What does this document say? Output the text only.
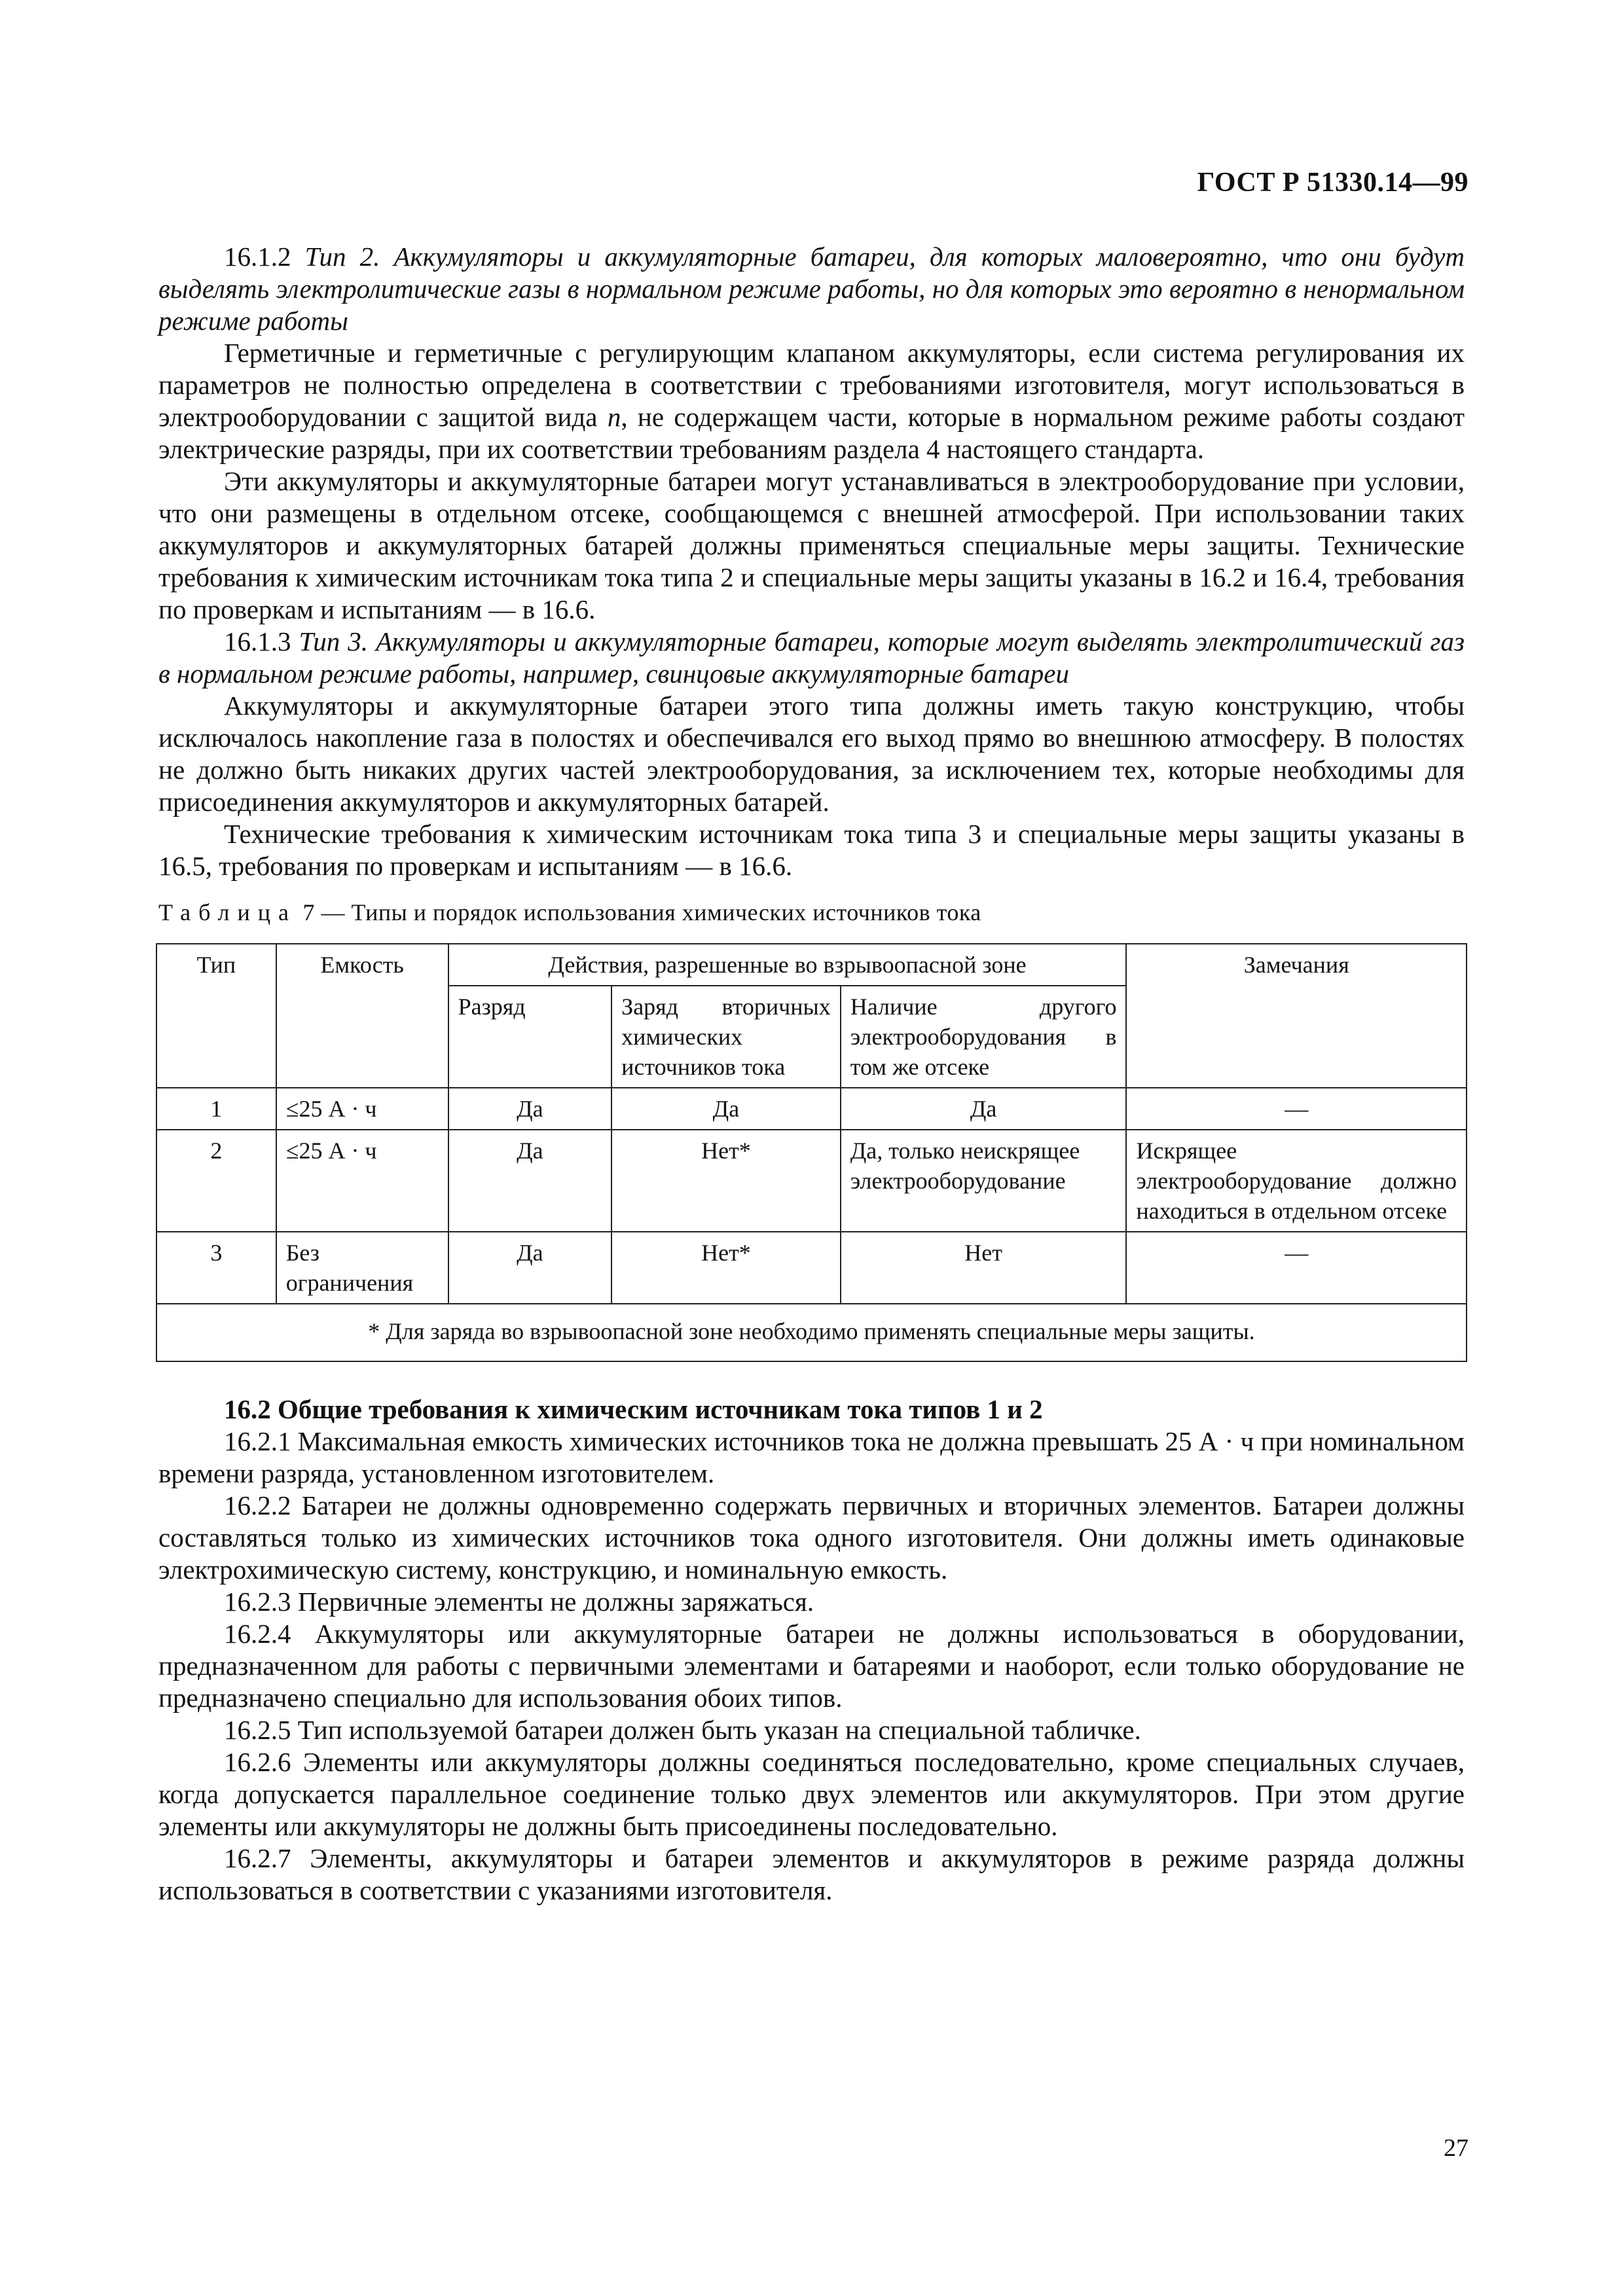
ГОСТ Р 51330.14—99

16.1.2 Тип 2. Аккумуляторы и аккумуляторные батареи, для которых маловероятно, что они будут выделять электролитические газы в нормальном режиме работы, но для которых это вероятно в ненормальном режиме работы

Герметичные и герметичные с регулирующим клапаном аккумуляторы, если система регулирования их параметров не полностью определена в соответствии с требованиями изготовителя, могут использоваться в электрооборудовании с защитой вида n, не содержащем части, которые в нормальном режиме работы создают электрические разряды, при их соответствии требованиям раздела 4 настоящего стандарта.

Эти аккумуляторы и аккумуляторные батареи могут устанавливаться в электрооборудование при условии, что они размещены в отдельном отсеке, сообщающемся с внешней атмосферой. При использовании таких аккумуляторов и аккумуляторных батарей должны применяться специальные меры защиты. Технические требования к химическим источникам тока типа 2 и специальные меры защиты указаны в 16.2 и 16.4, требования по проверкам и испытаниям — в 16.6.

16.1.3 Тип 3. Аккумуляторы и аккумуляторные батареи, которые могут выделять электролитический газ в нормальном режиме работы, например, свинцовые аккумуляторные батареи

Аккумуляторы и аккумуляторные батареи этого типа должны иметь такую конструкцию, чтобы исключалось накопление газа в полостях и обеспечивался его выход прямо во внешнюю атмосферу. В полостях не должно быть никаких других частей электрооборудования, за исключением тех, которые необходимы для присоединения аккумуляторов и аккумуляторных батарей.

Технические требования к химическим источникам тока типа 3 и специальные меры защиты указаны в 16.5, требования по проверкам и испытаниям — в 16.6.

Таблица 7 — Типы и порядок использования химических источников тока
Тип	Емкость	Действия, разрешенные во взрывоопасной зоне			Замечания
		Разряд	Заряд вторичных химических источников тока	Наличие другого электрооборудования в том же отсеке	
1	≤25 А · ч	Да	Да	Да	—
2	≤25 А · ч	Да	Нет*	Да, только неискрящее электрооборудование	Искрящее электрооборудование должно находиться в отдельном отсеке
3	Без ограничения	Да	Нет*	Нет	—
* Для заряда во взрывоопасной зоне необходимо применять специальные меры защиты.					

16.2 Общие требования к химическим источникам тока типов 1 и 2

16.2.1 Максимальная емкость химических источников тока не должна превышать 25 А · ч при номинальном времени разряда, установленном изготовителем.

16.2.2 Батареи не должны одновременно содержать первичных и вторичных элементов. Батареи должны составляться только из химических источников тока одного изготовителя. Они должны иметь одинаковые электрохимическую систему, конструкцию, и номинальную емкость.

16.2.3 Первичные элементы не должны заряжаться.

16.2.4 Аккумуляторы или аккумуляторные батареи не должны использоваться в оборудовании, предназначенном для работы с первичными элементами и батареями и наоборот, если только оборудование не предназначено специально для использования обоих типов.

16.2.5 Тип используемой батареи должен быть указан на специальной табличке.

16.2.6 Элементы или аккумуляторы должны соединяться последовательно, кроме специальных случаев, когда допускается параллельное соединение только двух элементов или аккумуляторов. При этом другие элементы или аккумуляторы не должны быть присоединены последовательно.

16.2.7 Элементы, аккумуляторы и батареи элементов и аккумуляторов в режиме разряда должны использоваться в соответствии с указаниями изготовителя.

27
